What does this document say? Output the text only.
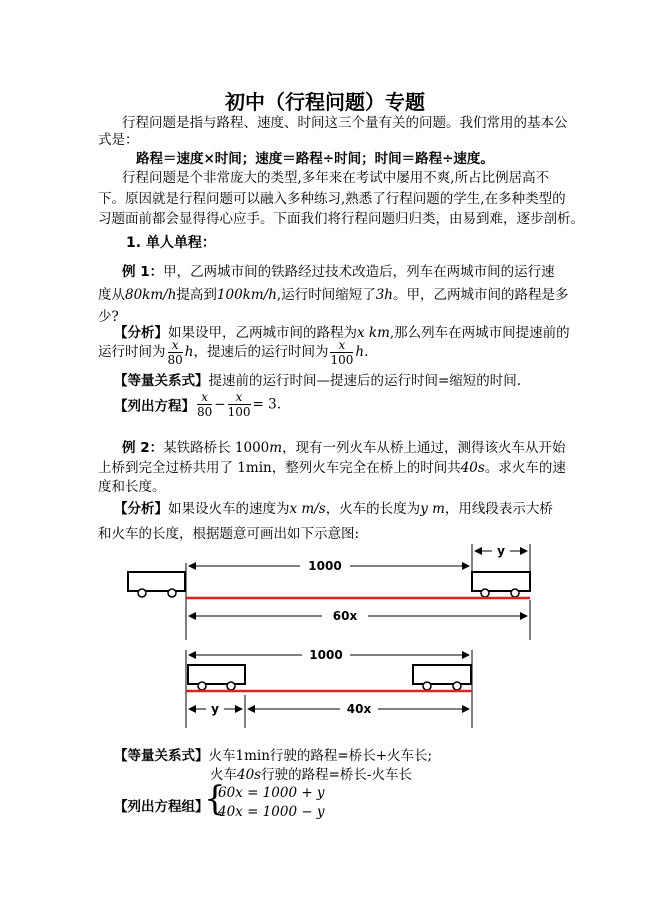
初中（行程问题）专题
行程问题是指与路程、速度、时间这三个量有关的问题。我们常用的基本公
式是：
路程＝速度×时间；速度＝路程÷时间；时间＝路程÷速度。
行程问题是个非常庞大的类型,多年来在考试中屡用不爽,所占比例居高不
下。原因就是行程问题可以融入多种练习,熟悉了行程问题的学生,在多种类型的
习题面前都会显得得心应手。下面我们将行程问题归归类，由易到难，逐步剖析。
1. 单人单程：
例 1：甲，乙两城市间的铁路经过技术改造后，列车在两城市间的运行速
度从80km/h提高到100km/h,运行时间缩短了3h。甲，乙两城市间的路程是多
少?
【分析】如果设甲，乙两城市间的路程为x km,那么列车在两城市间提速前的
运行时间为 $\frac{x}{80}$ h，提速后的运行时间为 $\frac{x}{100} h$.
【等量关系式】提速前的运行时间—提速后的运行时间=缩短的时间.
【列出方程】 $\frac{x}{80} - \frac{x}{100} = 3$.
例 2：某铁路桥长 1000m，现有一列火车从桥上通过，测得该火车从开始
上桥到完全过桥共用了 1min，整列火车完全在桥上的时间共40s。求火车的速
度和长度。
【分析】如果设火车的速度为x m/s，火车的长度为y m，用线段表示大桥
和火车的长度，根据题意可画出如下示意图:
1000
y
60x
1000
y	40x
【等量关系式】火车1min行驶的路程=桥长+火车长;
火车40s行驶的路程=桥长-火车长
【列出方程组】
{
60x = 1000 + y
40x = 1000 − y
